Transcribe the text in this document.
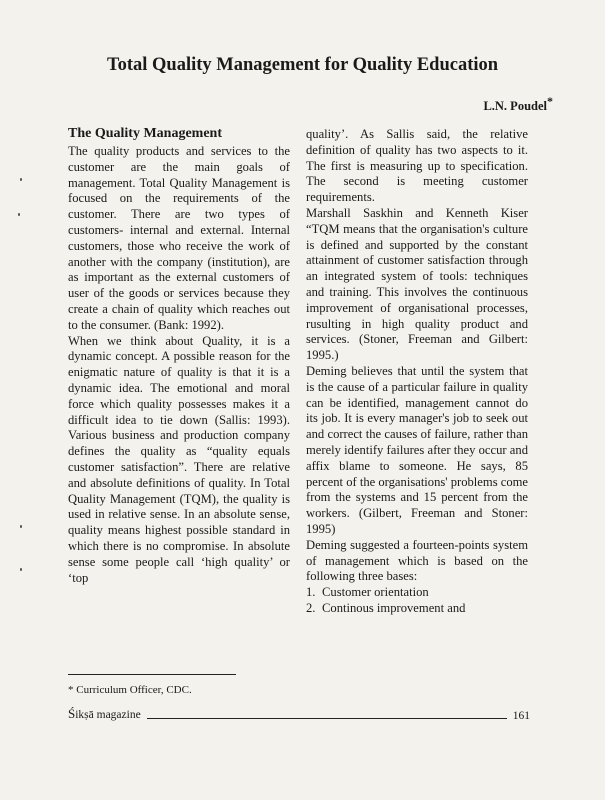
Total Quality Management for Quality Education
L.N. Poudel*
The Quality Management

The quality products and services to the customer are the main goals of management. Total Quality Management is focused on the requirements of the customer. There are two types of customers- internal and external. Internal customers, those who receive the work of another with the company (institution), are as important as the external customers of user of the goods or services because they create a chain of quality which reaches out to the consumer. (Bank: 1992).

When we think about Quality, it is a dynamic concept. A possible reason for the enigmatic nature of quality is that it is a dynamic idea. The emotional and moral force which quality possesses makes it a difficult idea to tie down (Sallis: 1993). Various business and production company defines the quality as “quality equals customer satisfaction”. There are relative and absolute definitions of quality. In Total Quality Management (TQM), the quality is used in relative sense. In an absolute sense, quality means highest possible standard in which there is no compromise. In absolute sense some people call ‘high quality’ or ‘top

quality’. As Sallis said, the relative definition of quality has two aspects to it. The first is measuring up to specification. The second is meeting customer requirements.

Marshall Saskhin and Kenneth Kiser “TQM means that the organisation's culture is defined and supported by the constant attainment of customer satisfaction through an integrated system of tools: techniques and training. This involves the continuous improvement of organisational processes, rusulting in high quality product and services. (Stoner, Freeman and Gilbert: 1995.)

Deming believes that until the system that is the cause of a particular failure in quality can be identified, management cannot do its job. It is every manager's job to seek out and correct the causes of failure, rather than merely identify failures after they occur and affix blame to someone. He says, 85 percent of the organisations' problems come from the systems and 15 percent from the workers. (Gilbert, Freeman and Stoner: 1995)

Deming suggested a fourteen-points system of management which is based on the following three bases:

1. Customer orientation
2. Continous improvement and
* Curriculum Officer, CDC.
Śikṣā magazine	161
